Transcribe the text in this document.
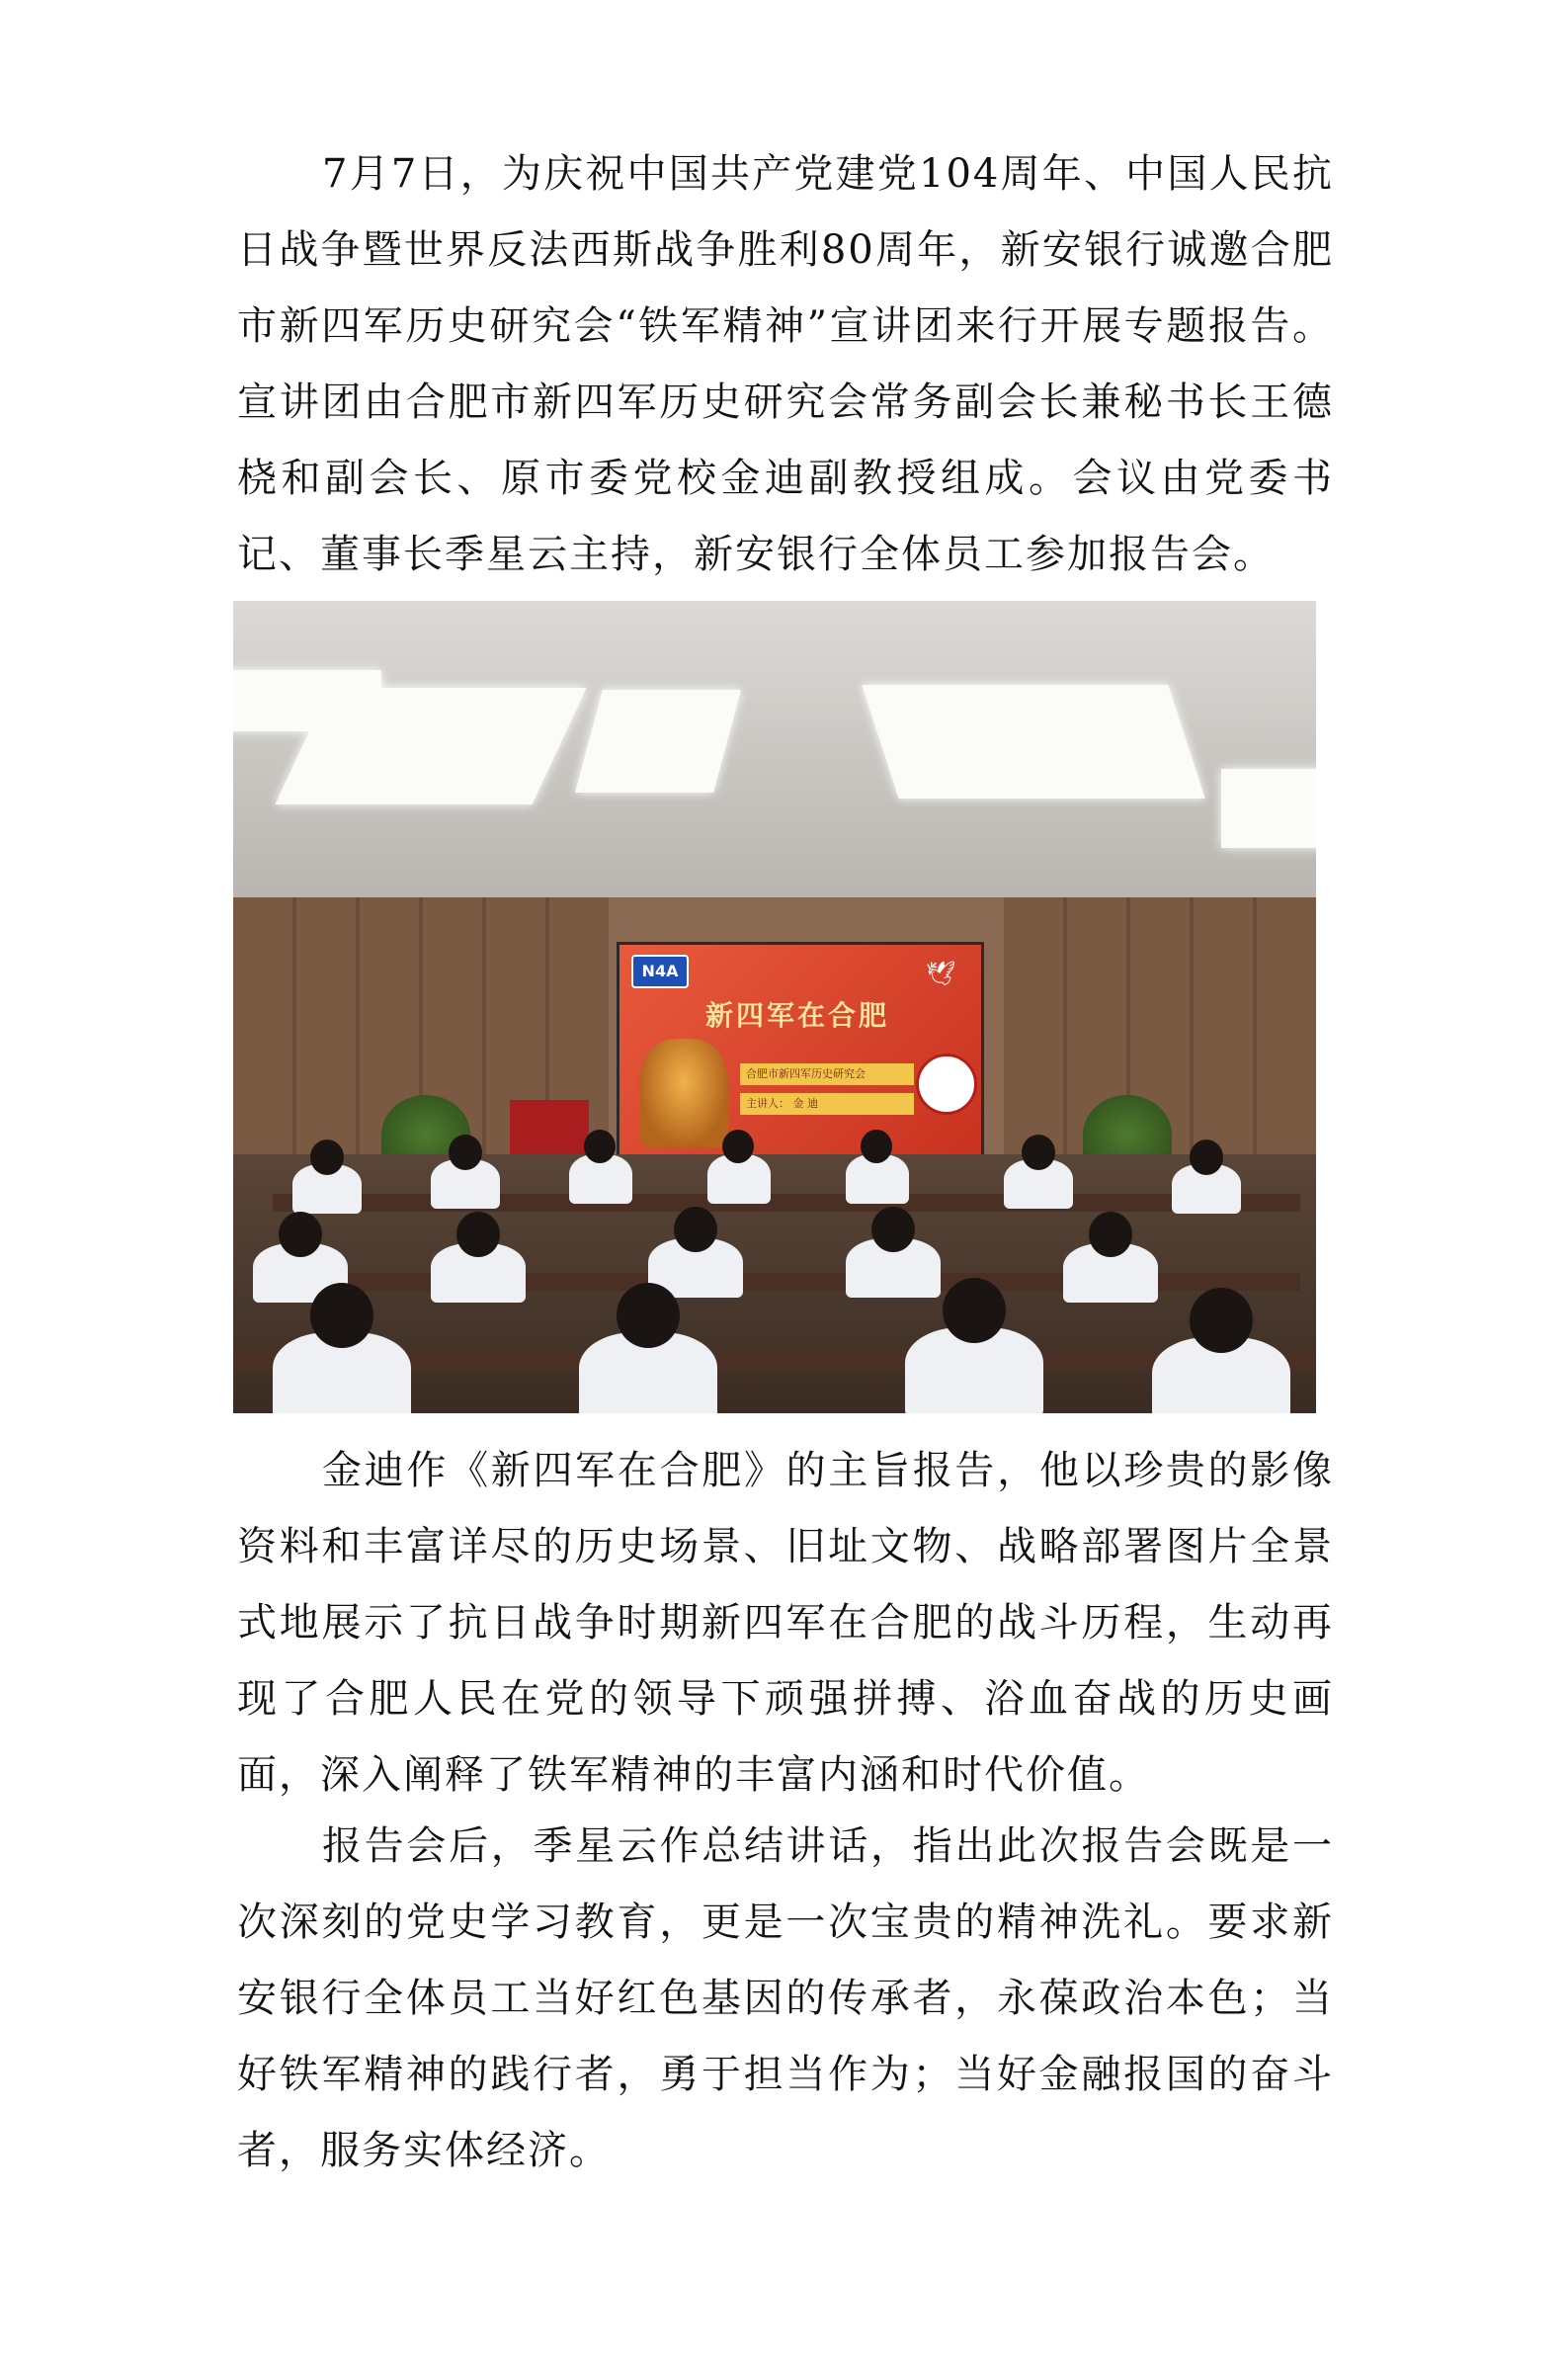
7月7日，为庆祝中国共产党建党104周年、中国人民抗日战争暨世界反法西斯战争胜利80周年，新安银行诚邀合肥市新四军历史研究会“铁军精神”宣讲团来行开展专题报告。宣讲团由合肥市新四军历史研究会常务副会长兼秘书长王德桡和副会长、原市委党校金迪副教授组成。会议由党委书记、董事长季星云主持，新安银行全体员工参加报告会。

N4A	🕊
新四军在合肥
合肥市新四军历史研究会
主讲人： 金 迪

金迪作《新四军在合肥》的主旨报告，他以珍贵的影像资料和丰富详尽的历史场景、旧址文物、战略部署图片全景式地展示了抗日战争时期新四军在合肥的战斗历程，生动再现了合肥人民在党的领导下顽强拼搏、浴血奋战的历史画面，深入阐释了铁军精神的丰富内涵和时代价值。

报告会后，季星云作总结讲话，指出此次报告会既是一次深刻的党史学习教育，更是一次宝贵的精神洗礼。要求新安银行全体员工当好红色基因的传承者，永葆政治本色；当好铁军精神的践行者，勇于担当作为；当好金融报国的奋斗者，服务实体经济。
